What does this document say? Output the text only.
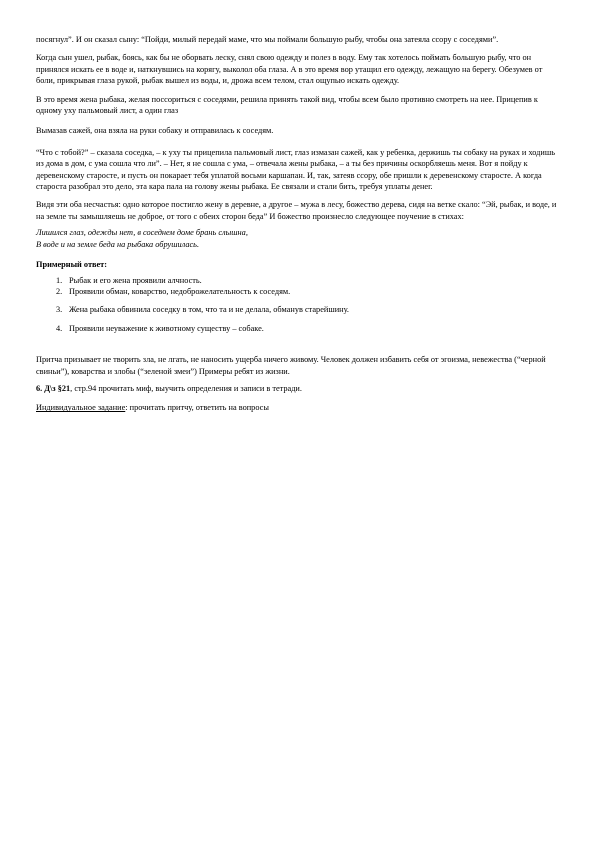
посягнул”. И он сказал сыну: “Пойди, милый передай маме, что мы поймали большую рыбу, чтобы она затеяла ссору с соседями”.

Когда сын ушел, рыбак, боясь, как бы не оборвать леску, снял свою одежду и полез в воду. Ему так хотелось поймать большую рыбу, что он принялся искать ее в воде и, наткнувшись на корягу, выколол оба глаза. А в это время вор утащил его одежду, лежащую на берегу. Обезумев от боли, прикрывая глаза рукой, рыбак вышел из воды, и, дрожа всем телом, стал ощупью искать одежду.

В это время жена рыбака, желая поссориться с соседями, решила принять такой вид, чтобы всем было противно смотреть на нее. Прицепив к одному уху пальмовый лист, а один глаз

Вымазав сажей, она взяла на руки собаку и отправилась к соседям.

“Что с тобой?” – сказала соседка, – к уху ты прицепила пальмовый лист, глаз измазан сажей, как у ребенка, держишь ты собаку на руках и ходишь из дома в дом, с ума сошла что ли”. – Нет, я не сошла с ума, – отвечала жены рыбака, – а ты без причины оскорбляешь меня. Вот я пойду к деревенскому старосте, и пусть он покарает тебя уплатой восьми каршапан. И, так, затеяв ссору, обе пришли к деревенскому старосте. А когда староста разобрал это дело, эта кара пала на голову жены рыбака. Ее связали и стали бить, требуя уплаты денег.

Видя эти оба несчастья: одно которое постигло жену в деревне, а другое – мужа в лесу, божество дерева, сидя на ветке скало: “Эй, рыбак, и воде, и на земле ты замышляешь не доброе, от того с обеих сторон беда” И божество произнесло следующее поучение в стихах:

Лишился глаз, одежды нет, в соседнем доме брань слышна,
В воде и на земле беда на рыбака обрушилась.
Примерный ответ:
1. Рыбак и его жена проявили алчность.
2. Проявили обман, коварство, недоброжелательность к соседям.
3. Жена рыбака обвинила соседку в том, что та и не делала, обманув старейшину.
4. Проявили неуважение к животному существу – собаке.

Притча призывает не творить зла, не лгать, не наносить ущерба ничего живому. Человек должен избавить себя от эгоизма, невежества (“черной свиньи”), коварства и злобы (“зеленой змеи”) Примеры ребят из жизни.

6. Д\з §21, стр.94 прочитать миф, выучить определения и записи в тетради.

Индивидуальное задание: прочитать притчу, ответить на вопросы
